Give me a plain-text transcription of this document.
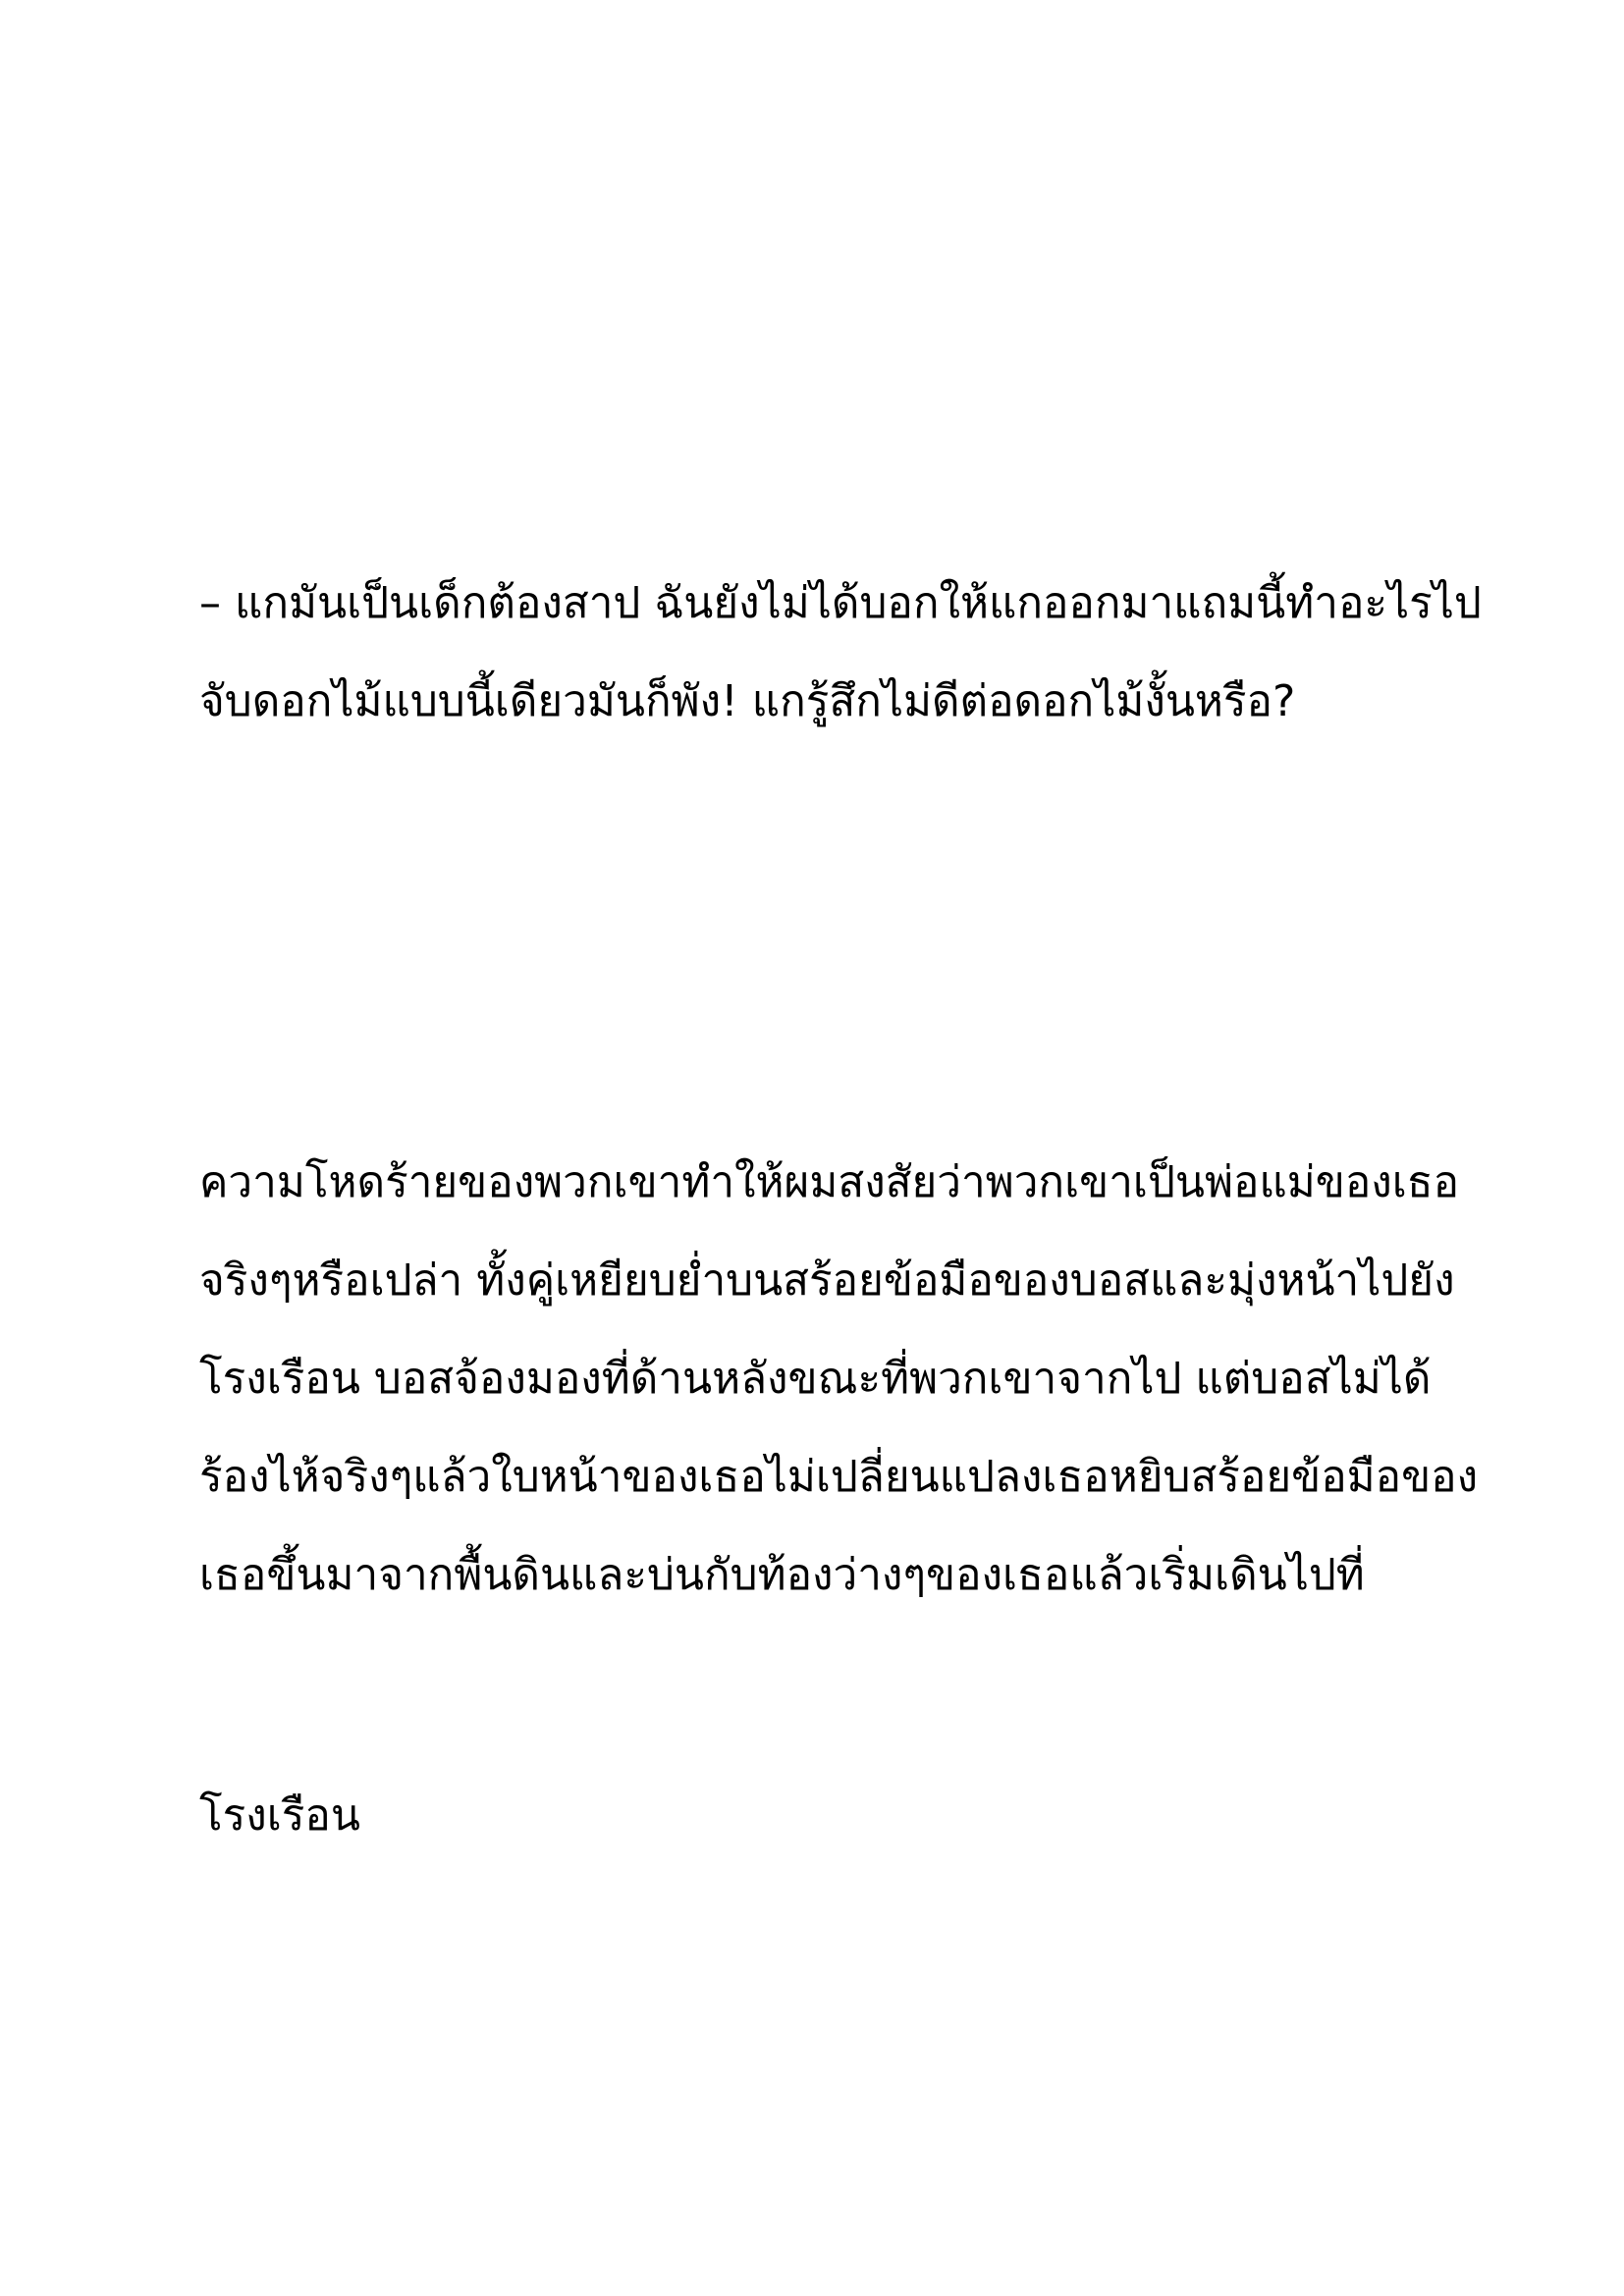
– แกมันเป็นเด็กต้องสาป ฉันยังไม่ได้บอกให้แกออกมาแถมนี้ทำอะไรไป
จับดอกไม้แบบนี้เดียวมันก็พัง! แกรู้สึกไม่ดีต่อดอกไม้งั้นหรือ?
ความโหดร้ายของพวกเขาทำให้ผมสงสัยว่าพวกเขาเป็นพ่อแม่ของเธอ
จริงๆหรือเปล่า ทั้งคู่เหยียบย่ำบนสร้อยข้อมือของบอสและมุ่งหน้าไปยัง
โรงเรือน บอสจ้องมองที่ด้านหลังขณะที่พวกเขาจากไป แต่บอสไม่ได้
ร้องไห้จริงๆแล้วใบหน้าของเธอไม่เปลี่ยนแปลงเธอหยิบสร้อยข้อมือของ
เธอขึ้นมาจากพื้นดินและบ่นกับท้องว่างๆของเธอแล้วเริ่มเดินไปที่
โรงเรือน
